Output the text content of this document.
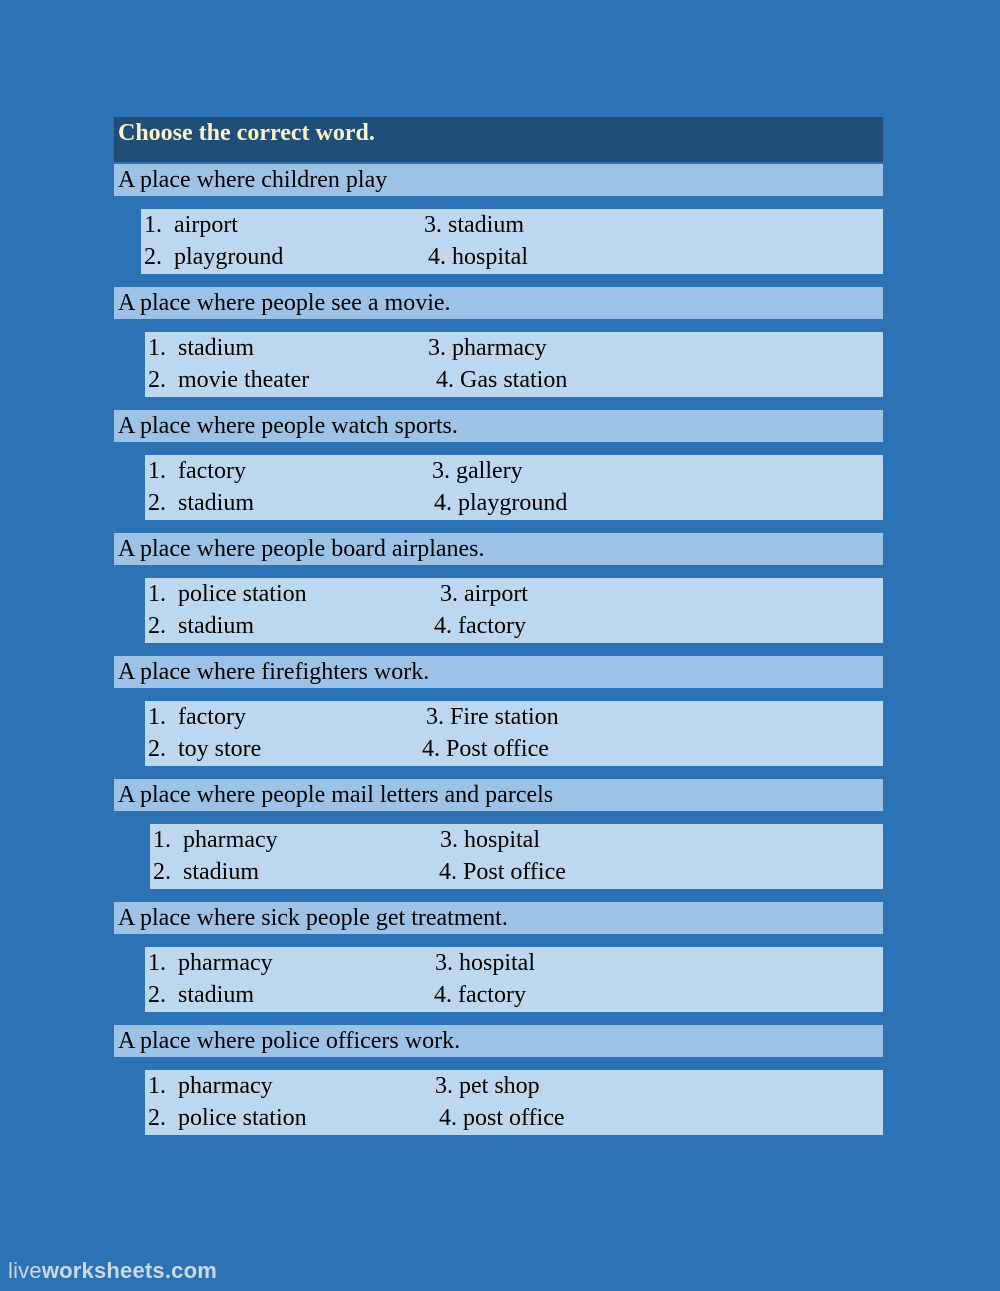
Choose the correct word.
A place where children play
1. airport
2. playground
3. stadium
4. hospital
A place where people see a movie.
1. stadium
2. movie theater
3. pharmacy
4. Gas station
A place where people watch sports.
1. factory
2. stadium
3. gallery
4. playground
A place where people board airplanes.
1. police station
2. stadium
3. airport
4. factory
A place where firefighters work.
1. factory
2. toy store
3. Fire station
4. Post office
A place where people mail letters and parcels
1. pharmacy
2. stadium
3. hospital
4. Post office
A place where sick people get treatment.
1. pharmacy
2. stadium
3. hospital
4. factory
A place where police officers work.
1. pharmacy
2. police station
3. pet shop
4. post office
liveworksheets.com
